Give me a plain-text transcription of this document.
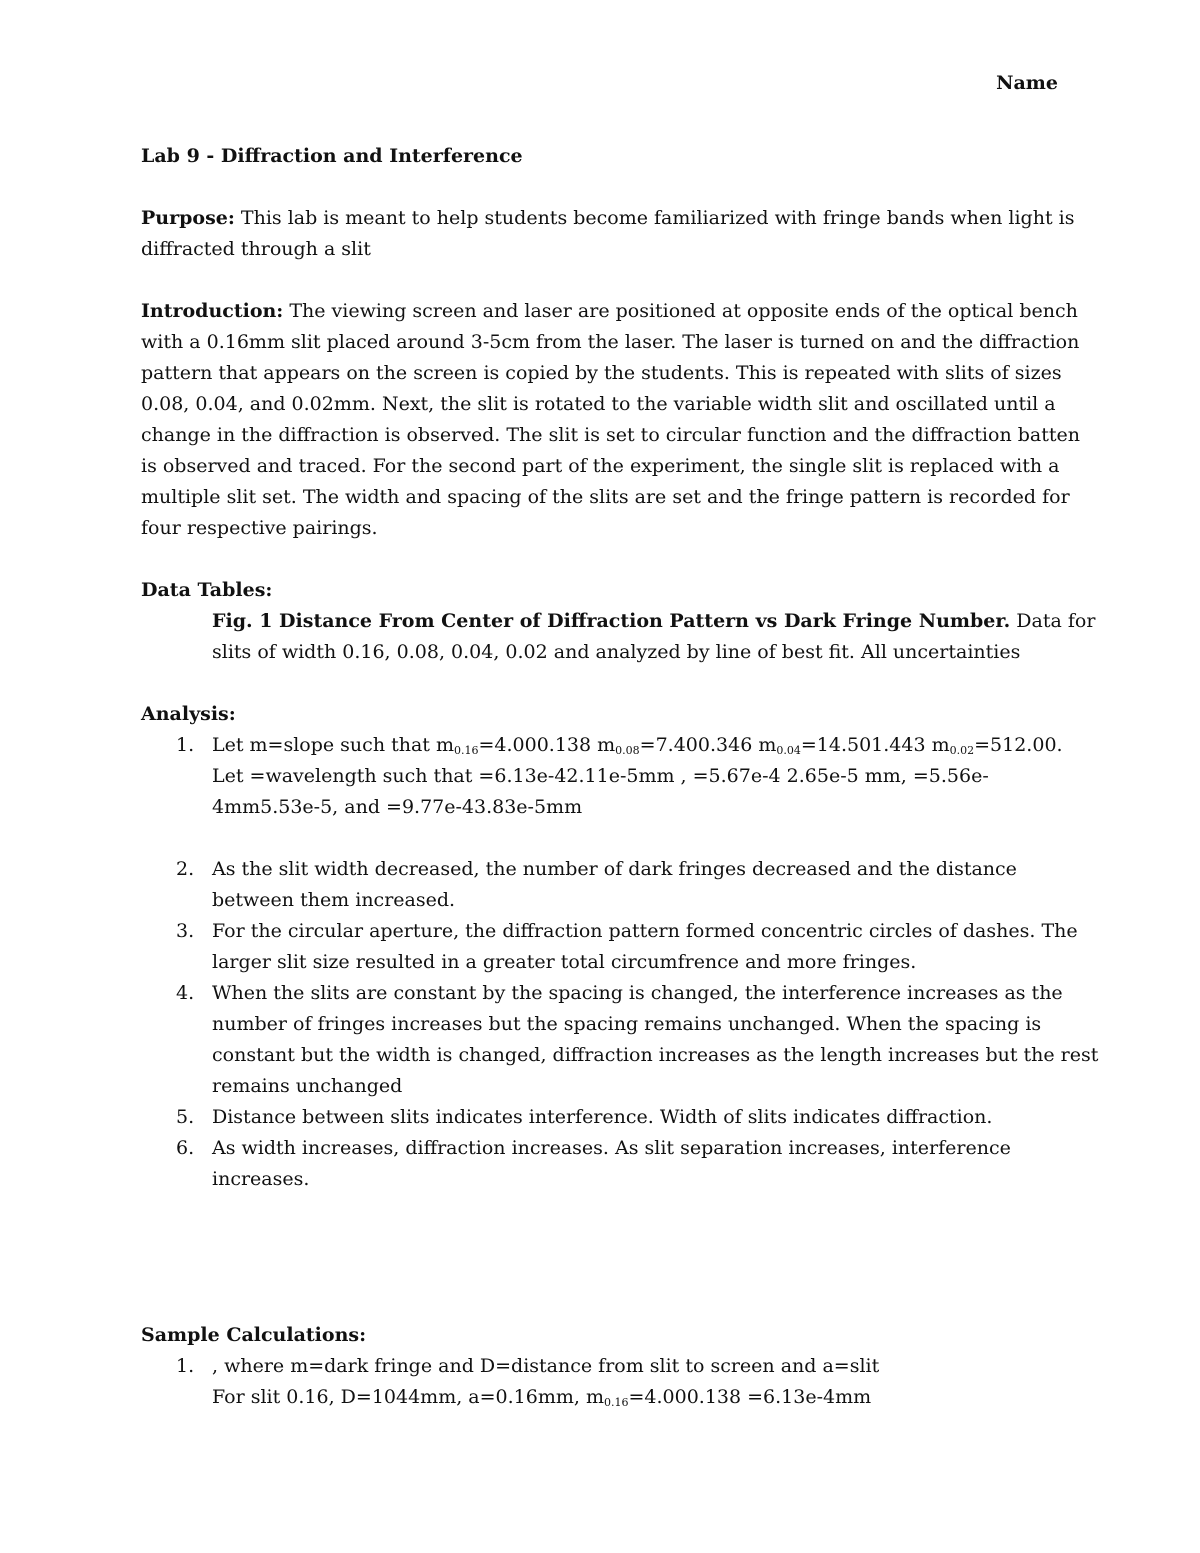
Name
Lab 9 - Diffraction and Interference
Purpose: This lab is meant to help students become familiarized with fringe bands when light is
diffracted through a slit
Introduction: The viewing screen and laser are positioned at opposite ends of the optical bench
with a 0.16mm slit placed around 3-5cm from the laser. The laser is turned on and the diffraction
pattern that appears on the screen is copied by the students. This is repeated with slits of sizes
0.08, 0.04, and 0.02mm. Next, the slit is rotated to the variable width slit and oscillated until a
change in the diffraction is observed. The slit is set to circular function and the diffraction batten
is observed and traced. For the second part of the experiment, the single slit is replaced with a
multiple slit set. The width and spacing of the slits are set and the fringe pattern is recorded for
four respective pairings.
Data Tables:
Fig. 1 Distance From Center of Diffraction Pattern vs Dark Fringe Number. Data for
slits of width 0.16, 0.08, 0.04, 0.02 and analyzed by line of best fit. All uncertainties
Analysis:
1. Let m=slope such that $m_{0.16}=4.000.138$ $m_{0.08}=7.400.346$ $m_{0.04}=14.501.443$ $m_{0.02}=512.00$.
Let =wavelength such that =6.13e-42.11e-5mm , =5.67e-4 2.65e-5 mm, =5.56e-
4mm5.53e-5, and =9.77e-43.83e-5mm
2. As the slit width decreased, the number of dark fringes decreased and the distance
between them increased.
3. For the circular aperture, the diffraction pattern formed concentric circles of dashes. The
larger slit size resulted in a greater total circumfrence and more fringes.
4. When the slits are constant by the spacing is changed, the interference increases as the
number of fringes increases but the spacing remains unchanged. When the spacing is
constant but the width is changed, diffraction increases as the length increases but the rest
remains unchanged
5. Distance between slits indicates interference. Width of slits indicates diffraction.
6. As width increases, diffraction increases. As slit separation increases, interference
increases.
Sample Calculations:
1. , where m=dark fringe and D=distance from slit to screen and a=slit
For slit 0.16, D=1044mm, a=0.16mm, $m_{0.16}=4.000.138 =6.13e-4mm$
